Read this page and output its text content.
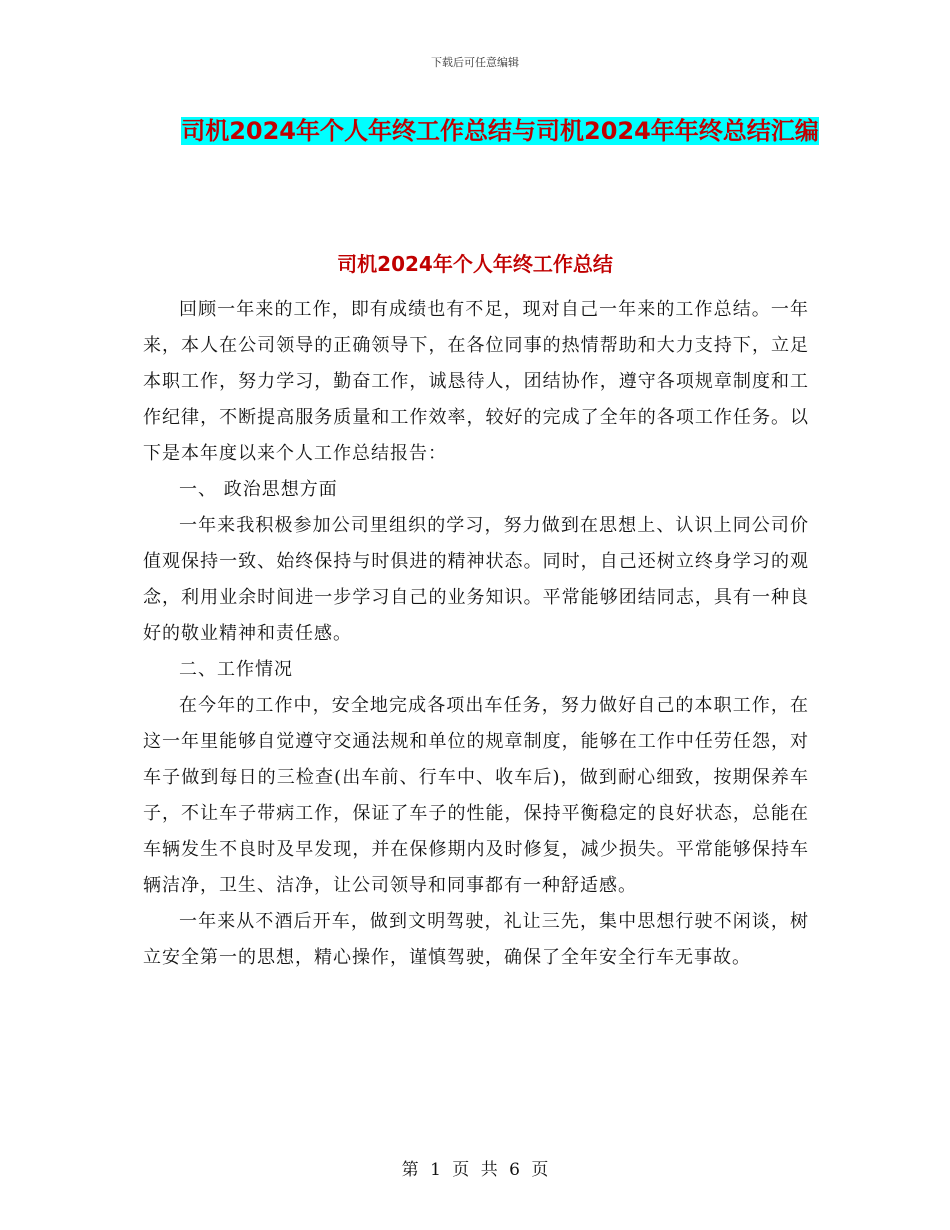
下载后可任意编辑
司机2024年个人年终工作总结与司机2024年年终总结汇编
司机2024年个人年终工作总结

回顾一年来的工作，即有成绩也有不足，现对自己一年来的工作总结。一年来，本人在公司领导的正确领导下，在各位同事的热情帮助和大力支持下，立足本职工作，努力学习，勤奋工作，诚恳待人，团结协作，遵守各项规章制度和工作纪律，不断提高服务质量和工作效率，较好的完成了全年的各项工作任务。以下是本年度以来个人工作总结报告：

一、 政治思想方面

一年来我积极参加公司里组织的学习，努力做到在思想上、认识上同公司价值观保持一致、始终保持与时俱进的精神状态。同时，自己还树立终身学习的观念，利用业余时间进一步学习自己的业务知识。平常能够团结同志，具有一种良好的敬业精神和责任感。

二、工作情况

在今年的工作中，安全地完成各项出车任务，努力做好自己的本职工作，在这一年里能够自觉遵守交通法规和单位的规章制度，能够在工作中任劳任怨，对车子做到每日的三检查(出车前、行车中、收车后)，做到耐心细致，按期保养车子，不让车子带病工作，保证了车子的性能，保持平衡稳定的良好状态，总能在车辆发生不良时及早发现，并在保修期内及时修复，减少损失。平常能够保持车辆洁净，卫生、洁净，让公司领导和同事都有一种舒适感。

一年来从不酒后开车，做到文明驾驶，礼让三先，集中思想行驶不闲谈，树立安全第一的思想，精心操作，谨慎驾驶，确保了全年安全行车无事故。

第 1 页 共 6 页
